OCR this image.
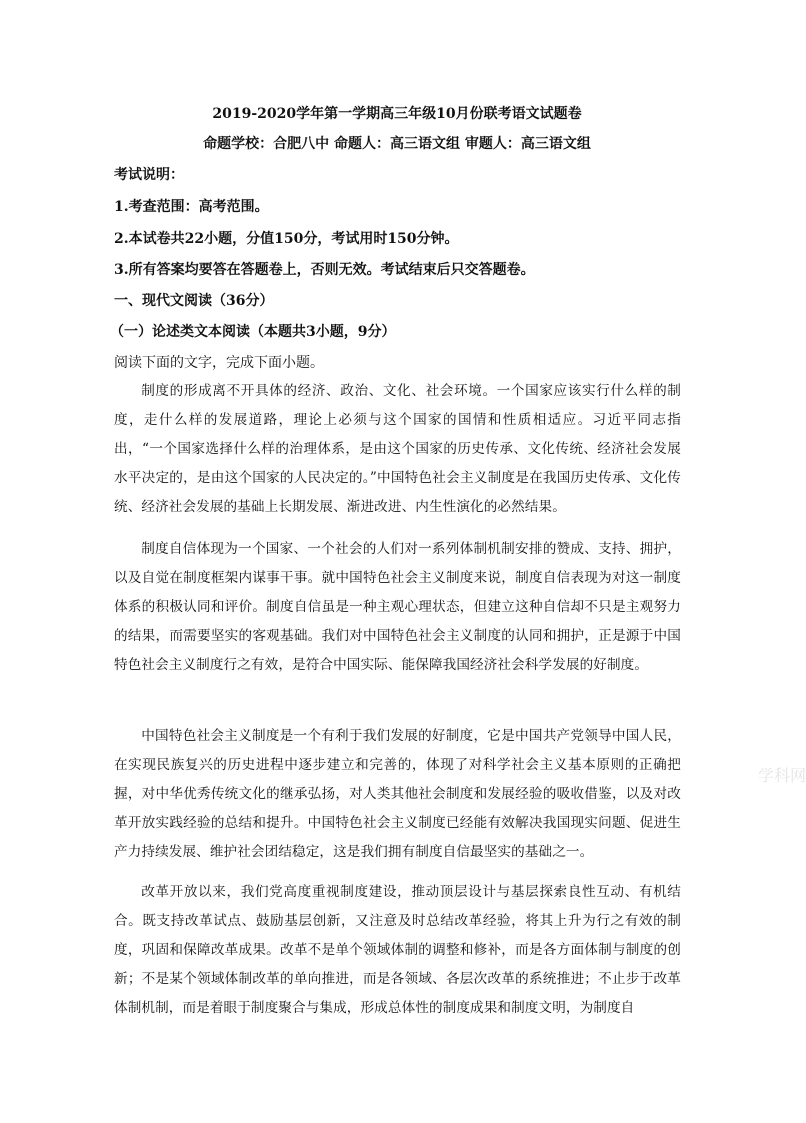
2019-2020学年第一学期高三年级10月份联考语文试题卷
命题学校：合肥八中 命题人：高三语文组 审题人：高三语文组
考试说明：
1.考查范围：高考范围。
2.本试卷共22小题，分值150分，考试用时150分钟。
3.所有答案均要答在答题卷上，否则无效。考试结束后只交答题卷。
一、现代文阅读（36分）
（一）论述类文本阅读（本题共3小题，9分）
阅读下面的文字，完成下面小题。
制度的形成离不开具体的经济、政治、文化、社会环境。一个国家应该实行什么样的制度，走什么样的发展道路，理论上必须与这个国家的国情和性质相适应。习近平同志指出，“一个国家选择什么样的治理体系，是由这个国家的历史传承、文化传统、经济社会发展水平决定的，是由这个国家的人民决定的。”中国特色社会主义制度是在我国历史传承、文化传统、经济社会发展的基础上长期发展、渐进改进、内生性演化的必然结果。
制度自信体现为一个国家、一个社会的人们对一系列体制机制安排的赞成、支持、拥护，以及自觉在制度框架内谋事干事。就中国特色社会主义制度来说，制度自信表现为对这一制度体系的积极认同和评价。制度自信虽是一种主观心理状态，但建立这种自信却不只是主观努力的结果，而需要坚实的客观基础。我们对中国特色社会主义制度的认同和拥护，正是源于中国特色社会主义制度行之有效，是符合中国实际、能保障我国经济社会科学发展的好制度。
中国特色社会主义制度是一个有利于我们发展的好制度，它是中国共产党领导中国人民，在实现民族复兴的历史进程中逐步建立和完善的，体现了对科学社会主义基本原则的正确把握，对中华优秀传统文化的继承弘扬，对人类其他社会制度和发展经验的吸收借鉴，以及对改革开放实践经验的总结和提升。中国特色社会主义制度已经能有效解决我国现实问题、促进生产力持续发展、维护社会团结稳定，这是我们拥有制度自信最坚实的基础之一。
改革开放以来，我们党高度重视制度建设，推动顶层设计与基层探索良性互动、有机结合。既支持改革试点、鼓励基层创新，又注意及时总结改革经验，将其上升为行之有效的制度，巩固和保障改革成果。改革不是单个领域体制的调整和修补，而是各方面体制与制度的创新；不是某个领域体制改革的单向推进，而是各领域、各层次改革的系统推进；不止步于改革体制机制，而是着眼于制度聚合与集成，形成总体性的制度成果和制度文明，为制度自
学科网
